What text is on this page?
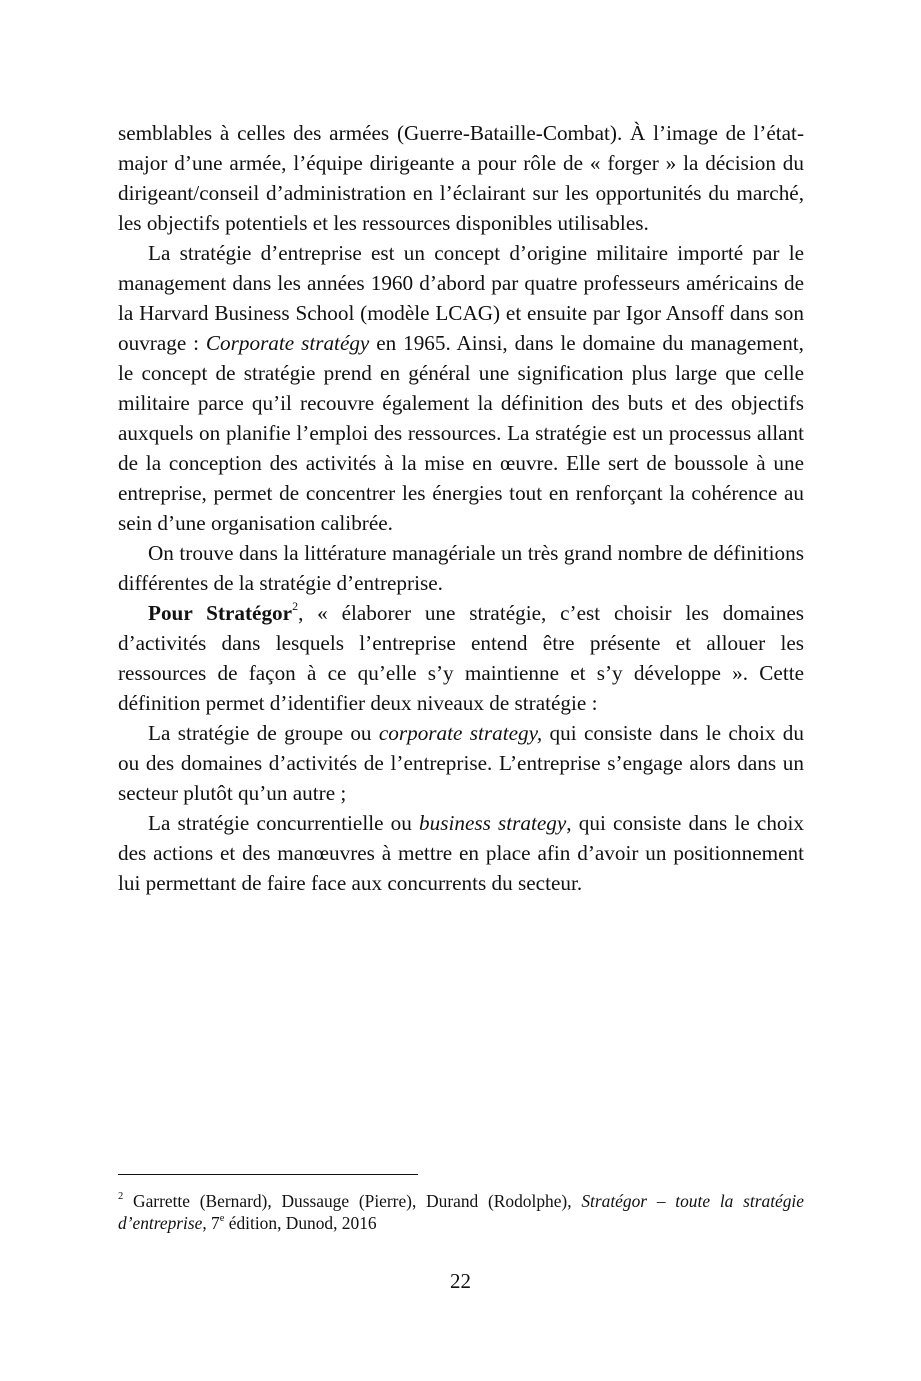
semblables à celles des armées (Guerre-Bataille-Combat). À l’image de l’état-major d’une armée, l’équipe dirigeante a pour rôle de « forger » la décision du dirigeant/conseil d’administration en l’éclairant sur les opportunités du marché, les objectifs potentiels et les ressources disponibles utilisables.

La stratégie d’entreprise est un concept d’origine militaire importé par le management dans les années 1960 d’abord par quatre professeurs américains de la Harvard Business School (modèle LCAG) et ensuite par Igor Ansoff dans son ouvrage : Corporate stratégy en 1965. Ainsi, dans le domaine du management, le concept de stratégie prend en général une signification plus large que celle militaire parce qu’il recouvre également la définition des buts et des objectifs auxquels on planifie l’emploi des ressources. La stratégie est un processus allant de la conception des activités à la mise en œuvre. Elle sert de boussole à une entreprise, permet de concentrer les énergies tout en renforçant la cohérence au sein d’une organisation calibrée.

On trouve dans la littérature managériale un très grand nombre de définitions différentes de la stratégie d’entreprise.

Pour Stratégor$^2$, « élaborer une stratégie, c’est choisir les domaines d’activités dans lesquels l’entreprise entend être présente et allouer les ressources de façon à ce qu’elle s’y maintienne et s’y développe ». Cette définition permet d’identifier deux niveaux de stratégie :

La stratégie de groupe ou corporate strategy, qui consiste dans le choix du ou des domaines d’activités de l’entreprise. L’entreprise s’engage alors dans un secteur plutôt qu’un autre ;

La stratégie concurrentielle ou business strategy, qui consiste dans le choix des actions et des manœuvres à mettre en place afin d’avoir un positionnement lui permettant de faire face aux concurrents du secteur.

$^2$ Garrette (Bernard), Dussauge (Pierre), Durand (Rodolphe), Stratégor – toute la stratégie d’entreprise, 7e édition, Dunod, 2016

22
